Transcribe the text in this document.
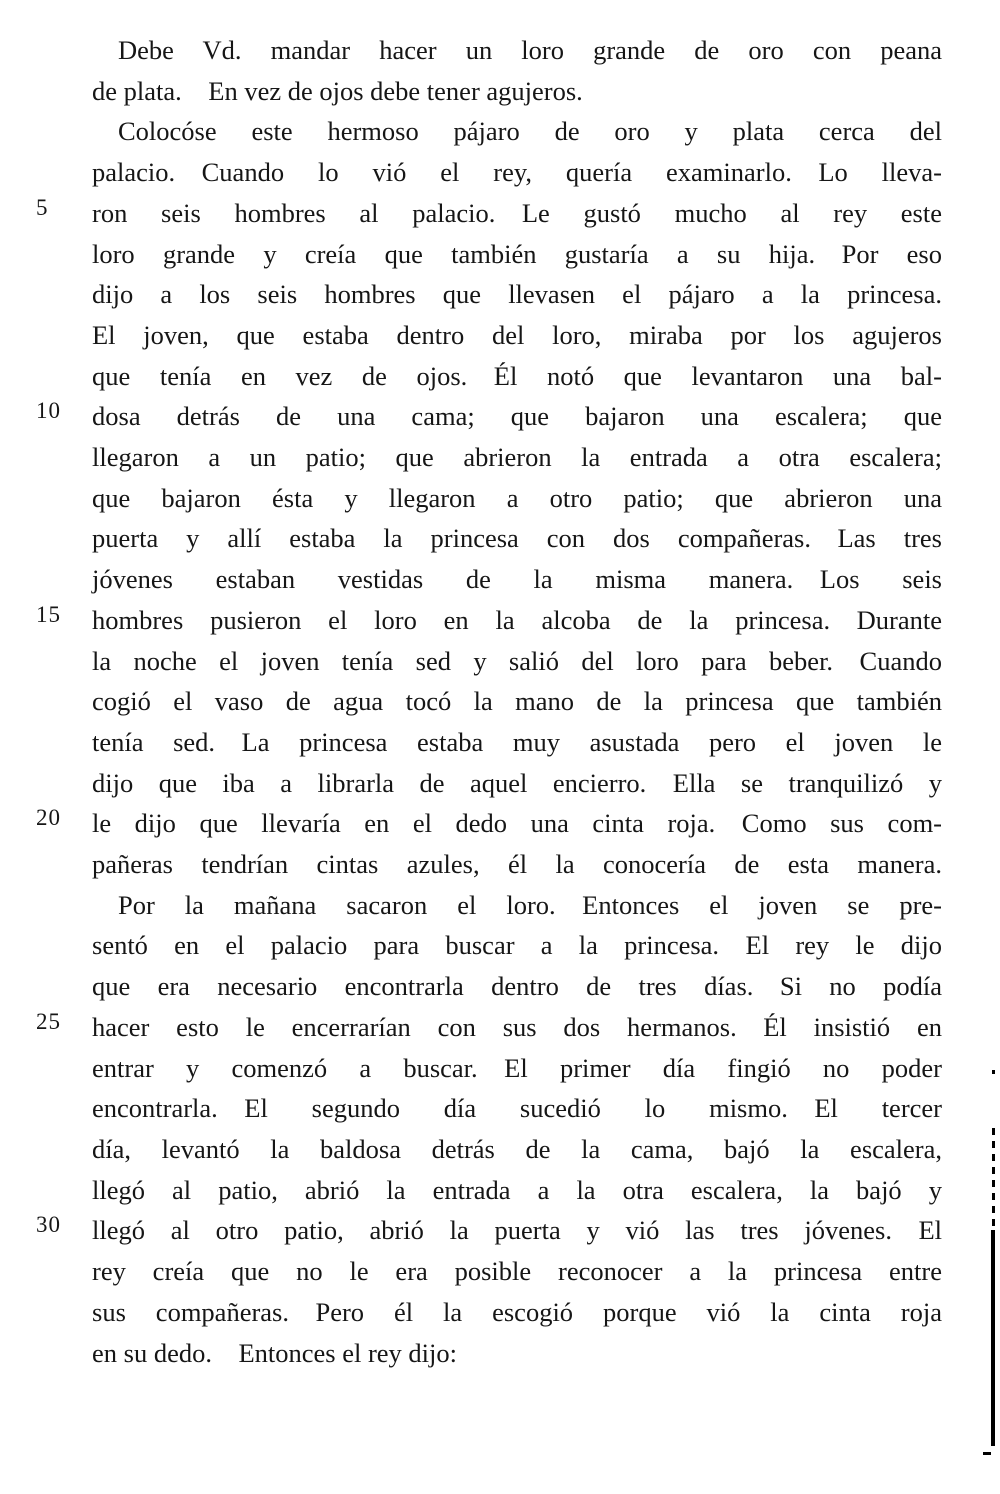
Debe Vd. mandar hacer un loro grande de oro con peana
de plata. En vez de ojos debe tener agujeros.
Colocóse este hermoso pájaro de oro y plata cerca del
palacio. Cuando lo vió el rey, quería examinarlo. Lo lleva-
5	ron seis hombres al palacio. Le gustó mucho al rey este
loro grande y creía que también gustaría a su hija. Por eso
dijo a los seis hombres que llevasen el pájaro a la princesa.
El joven, que estaba dentro del loro, miraba por los agujeros
que tenía en vez de ojos. Él notó que levantaron una bal-
10	dosa detrás de una cama; que bajaron una escalera; que
llegaron a un patio; que abrieron la entrada a otra escalera;
que bajaron ésta y llegaron a otro patio; que abrieron una
puerta y allí estaba la princesa con dos compañeras. Las tres
jóvenes estaban vestidas de la misma manera. Los seis
15	hombres pusieron el loro en la alcoba de la princesa. Durante
la noche el joven tenía sed y salió del loro para beber. Cuando
cogió el vaso de agua tocó la mano de la princesa que también
tenía sed. La princesa estaba muy asustada pero el joven le
dijo que iba a librarla de aquel encierro. Ella se tranquilizó y
20	le dijo que llevaría en el dedo una cinta roja. Como sus com-
pañeras tendrían cintas azules, él la conocería de esta manera.
Por la mañana sacaron el loro. Entonces el joven se pre-
sentó en el palacio para buscar a la princesa. El rey le dijo
que era necesario encontrarla dentro de tres días. Si no podía
25	hacer esto le encerrarían con sus dos hermanos. Él insistió en
entrar y comenzó a buscar. El primer día fingió no poder
encontrarla. El segundo día sucedió lo mismo. El tercer
día, levantó la baldosa detrás de la cama, bajó la escalera,
llegó al patio, abrió la entrada a la otra escalera, la bajó y
30	llegó al otro patio, abrió la puerta y vió las tres jóvenes. El
rey creía que no le era posible reconocer a la princesa entre
sus compañeras. Pero él la escogió porque vió la cinta roja
en su dedo. Entonces el rey dijo:
